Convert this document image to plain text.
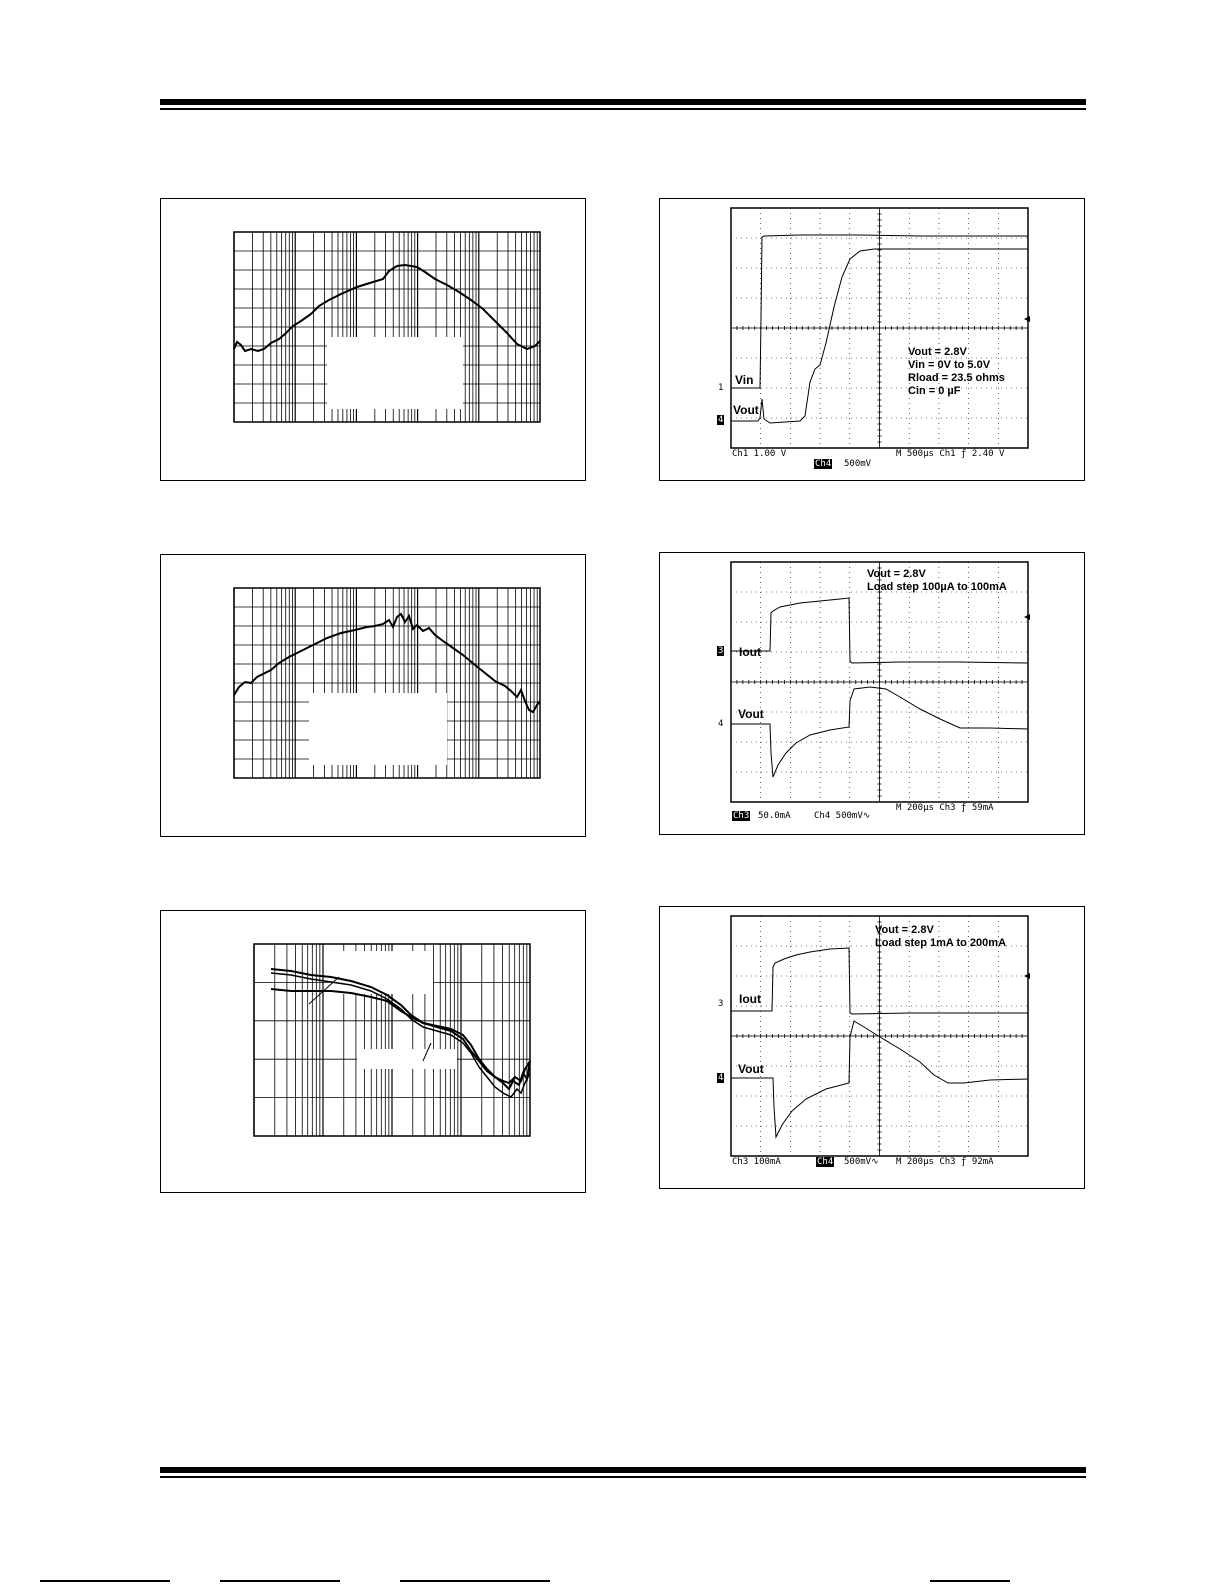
1
4
Vin
Vout
Vout = 2.8V
Vin = 0V to 5.0V
Rload = 23.5 ohms
Cin = 0 µF
Ch1 1.00 V	M 500µs Ch1 ƒ 2.40 V
Ch4 500mV
3
4
Iout
Vout
Vout = 2.8V
Load step 100µA to 100mA
Ch3 50.0mA	Ch4 500mV∿
M 200µs Ch3 ƒ 59mA
3
4
Iout
Vout
Vout = 2.8V
Load step 1mA to 200mA
Ch3 100mA	Ch4 500mV∿ M 200µs Ch3 ƒ 92mA
